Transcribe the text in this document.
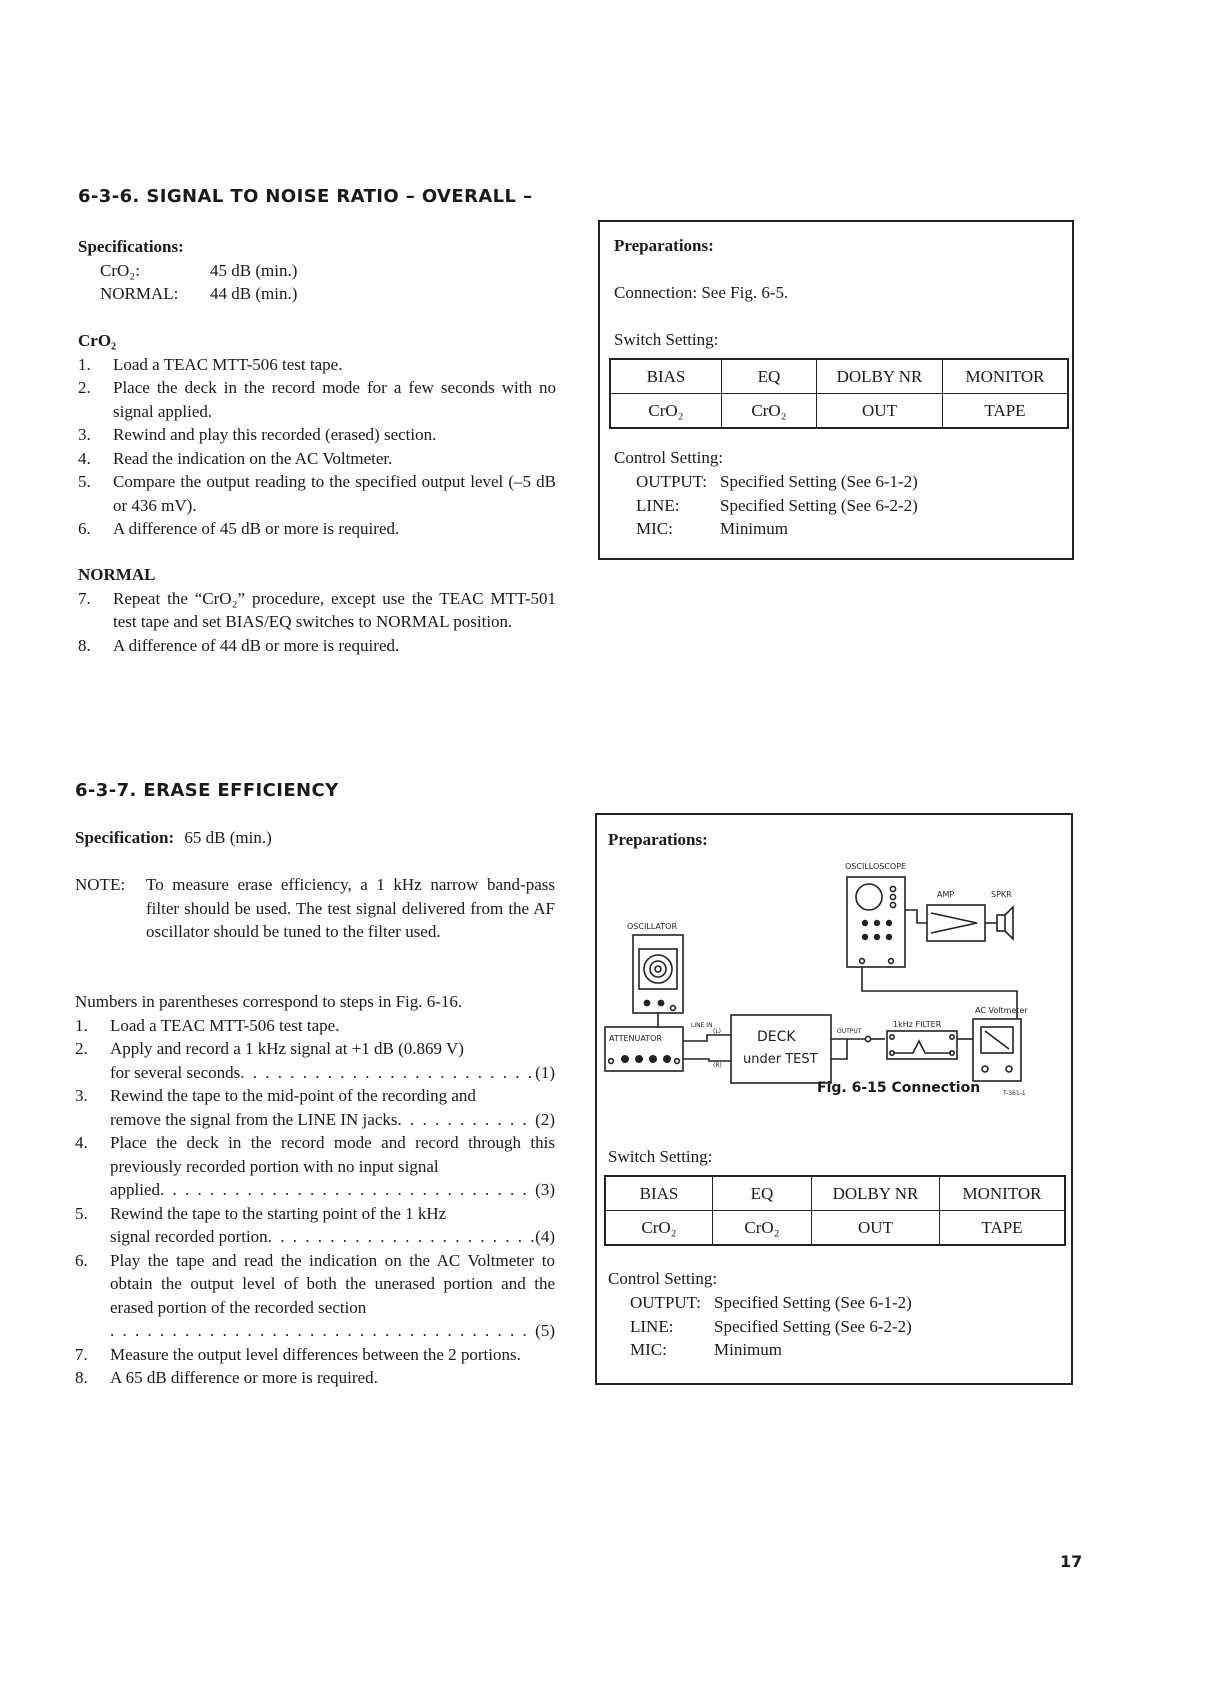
6-3-6. SIGNAL TO NOISE RATIO – OVERALL –
Specifications:
CrO₂:	45 dB (min.)
NORMAL:	44 dB (min.)
CrO₂
1. Load a TEAC MTT-506 test tape.
2. Place the deck in the record mode for a few seconds with no signal applied.
3. Rewind and play this recorded (erased) section.
4. Read the indication on the AC Voltmeter.
5. Compare the output reading to the specified output level (–5 dB or 436 mV).
6. A difference of 45 dB or more is required.
NORMAL
7. Repeat the “CrO₂” procedure, except use the TEAC MTT-501 test tape and set BIAS/EQ switches to NORMAL position.
8. A difference of 44 dB or more is required.
Preparations:
Connection: See Fig. 6-5.
Switch Setting:
BIAS	EQ	DOLBY NR	MONITOR
CrO₂	CrO₂	OUT	TAPE
Control Setting:
OUTPUT: Specified Setting (See 6-1-2)
LINE:	Specified Setting (See 6-2-2)
MIC:	Minimum
6-3-7. ERASE EFFICIENCY
Specification: 65 dB (min.)
NOTE: To measure erase efficiency, a 1 kHz narrow band-pass filter should be used. The test signal delivered from the AF oscillator should be tuned to the filter used.
Numbers in parentheses correspond to steps in Fig. 6-16.
1. Load a TEAC MTT-506 test tape.
2. Apply and record a 1 kHz signal at +1 dB (0.869 V)
for several seconds . . .	(1)
3. Rewind the tape to the mid-point of the recording and
remove the signal from the LINE IN jacks . . .	(2)
4. Place the deck in the record mode and record through this previously recorded portion with no input signal
applied . . .	(3)
5. Rewind the tape to the starting point of the 1 kHz
signal recorded portion . . .	(4)
6. Play the tape and read the indication on the AC Voltmeter to obtain the output level of both the unerased portion and the erased portion of the recorded section
. . .
(5)
7. Measure the output level differences between the 2 portions.
8. A 65 dB difference or more is required.
Preparations:
OSCILLOSCOPE
AMP	SPKR
OSCILLATOR
ATTENUATOR
LINE IN
(L)
(R)
OUTPUT
1kHz FILTER
AC Voltmeter
T-361-1
DECK
under TEST
Fig. 6-15 Connection
Switch Setting:
BIAS	EQ	DOLBY NR	MONITOR
CrO₂	CrO₂	OUT	TAPE
Control Setting:
OUTPUT: Specified Setting (See 6-1-2)
LINE:	Specified Setting (See 6-2-2)
MIC:	Minimum
17
